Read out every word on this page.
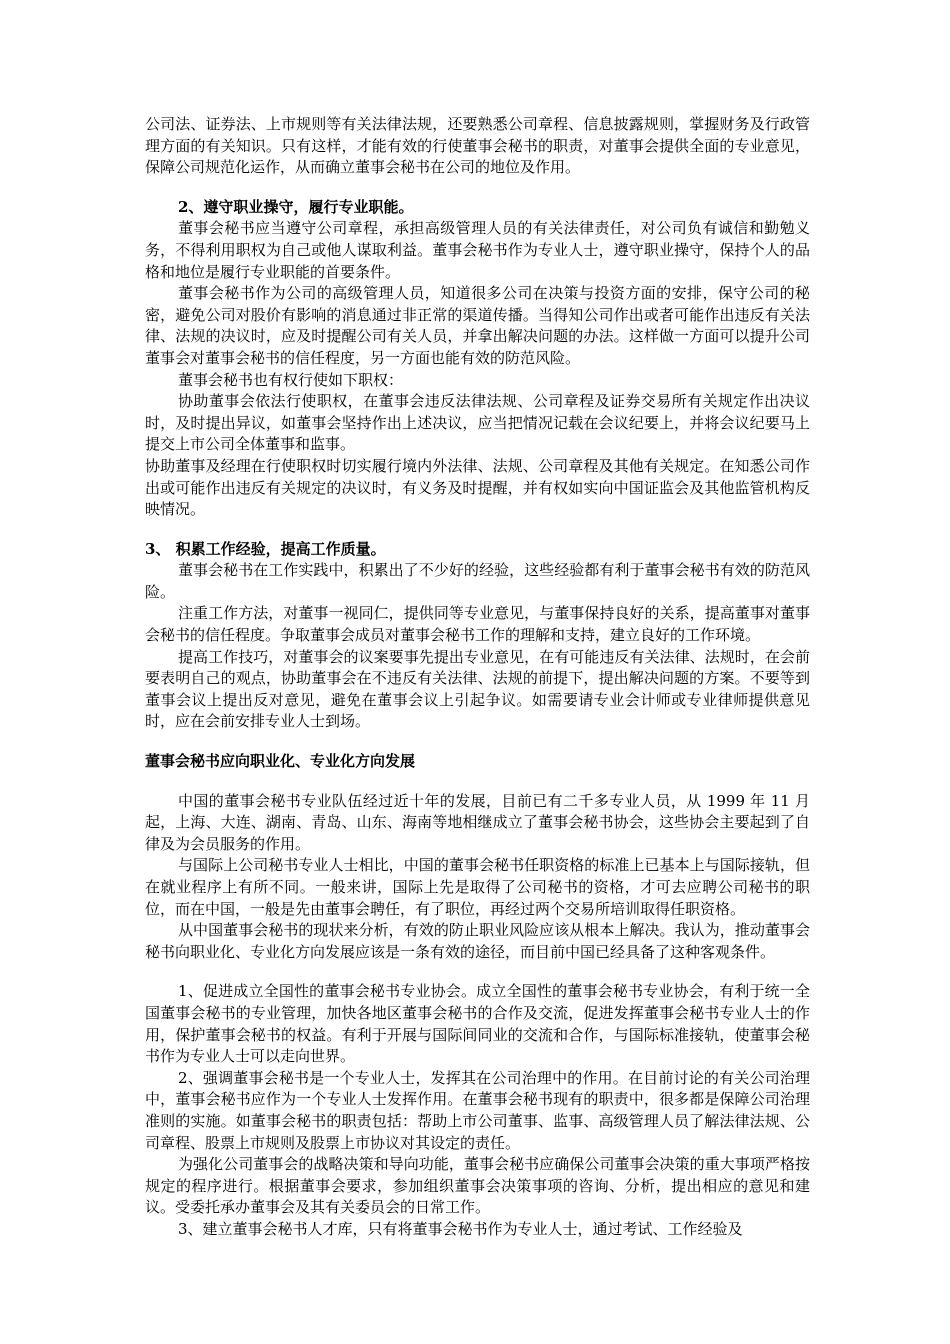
公司法、证券法、上市规则等有关法律法规，还要熟悉公司章程、信息披露规则，掌握财务及行政管理方面的有关知识。只有这样，才能有效的行使董事会秘书的职责，对董事会提供全面的专业意见，保障公司规范化运作，从而确立董事会秘书在公司的地位及作用。

2、遵守职业操守，履行专业职能。

董事会秘书应当遵守公司章程，承担高级管理人员的有关法律责任，对公司负有诚信和勤勉义务，不得利用职权为自己或他人谋取利益。董事会秘书作为专业人士，遵守职业操守，保持个人的品格和地位是履行专业职能的首要条件。

董事会秘书作为公司的高级管理人员，知道很多公司在决策与投资方面的安排，保守公司的秘密，避免公司对股价有影响的消息通过非正常的渠道传播。当得知公司作出或者可能作出违反有关法律、法规的决议时，应及时提醒公司有关人员，并拿出解决问题的办法。这样做一方面可以提升公司董事会对董事会秘书的信任程度，另一方面也能有效的防范风险。

董事会秘书也有权行使如下职权：

协助董事会依法行使职权，在董事会违反法律法规、公司章程及证券交易所有关规定作出决议时，及时提出异议，如董事会坚持作出上述决议，应当把情况记载在会议纪要上，并将会议纪要马上提交上市公司全体董事和监事。

协助董事及经理在行使职权时切实履行境内外法律、法规、公司章程及其他有关规定。在知悉公司作出或可能作出违反有关规定的决议时，有义务及时提醒，并有权如实向中国证监会及其他监管机构反映情况。

3、 积累工作经验，提高工作质量。

董事会秘书在工作实践中，积累出了不少好的经验，这些经验都有利于董事会秘书有效的防范风险。

注重工作方法，对董事一视同仁，提供同等专业意见，与董事保持良好的关系，提高董事对董事会秘书的信任程度。争取董事会成员对董事会秘书工作的理解和支持，建立良好的工作环境。

提高工作技巧，对董事会的议案要事先提出专业意见，在有可能违反有关法律、法规时，在会前要表明自己的观点，协助董事会在不违反有关法律、法规的前提下，提出解决问题的方案。不要等到董事会议上提出反对意见，避免在董事会议上引起争议。如需要请专业会计师或专业律师提供意见时，应在会前安排专业人士到场。

董事会秘书应向职业化、专业化方向发展

中国的董事会秘书专业队伍经过近十年的发展，目前已有二千多专业人员，从 1999 年 11 月起，上海、大连、湖南、青岛、山东、海南等地相继成立了董事会秘书协会，这些协会主要起到了自律及为会员服务的作用。

与国际上公司秘书专业人士相比，中国的董事会秘书任职资格的标准上已基本上与国际接轨，但在就业程序上有所不同。一般来讲，国际上先是取得了公司秘书的资格，才可去应聘公司秘书的职位，而在中国，一般是先由董事会聘任，有了职位，再经过两个交易所培训取得任职资格。

从中国董事会秘书的现状来分析，有效的防止职业风险应该从根本上解决。我认为，推动董事会秘书向职业化、专业化方向发展应该是一条有效的途径，而目前中国已经具备了这种客观条件。

1、促进成立全国性的董事会秘书专业协会。成立全国性的董事会秘书专业协会，有利于统一全国董事会秘书的专业管理，加快各地区董事会秘书的合作及交流，促进发挥董事会秘书专业人士的作用，保护董事会秘书的权益。有利于开展与国际间同业的交流和合作，与国际标准接轨，使董事会秘书作为专业人士可以走向世界。

2、强调董事会秘书是一个专业人士，发挥其在公司治理中的作用。在目前讨论的有关公司治理中，董事会秘书应作为一个专业人士发挥作用。在董事会秘书现有的职责中，很多都是保障公司治理准则的实施。如董事会秘书的职责包括：帮助上市公司董事、监事、高级管理人员了解法律法规、公司章程、股票上市规则及股票上市协议对其设定的责任。

为强化公司董事会的战略决策和导向功能，董事会秘书应确保公司董事会决策的重大事项严格按规定的程序进行。根据董事会要求，参加组织董事会决策事项的咨询、分析，提出相应的意见和建议。受委托承办董事会及其有关委员会的日常工作。

3、建立董事会秘书人才库，只有将董事会秘书作为专业人士，通过考试、工作经验及
